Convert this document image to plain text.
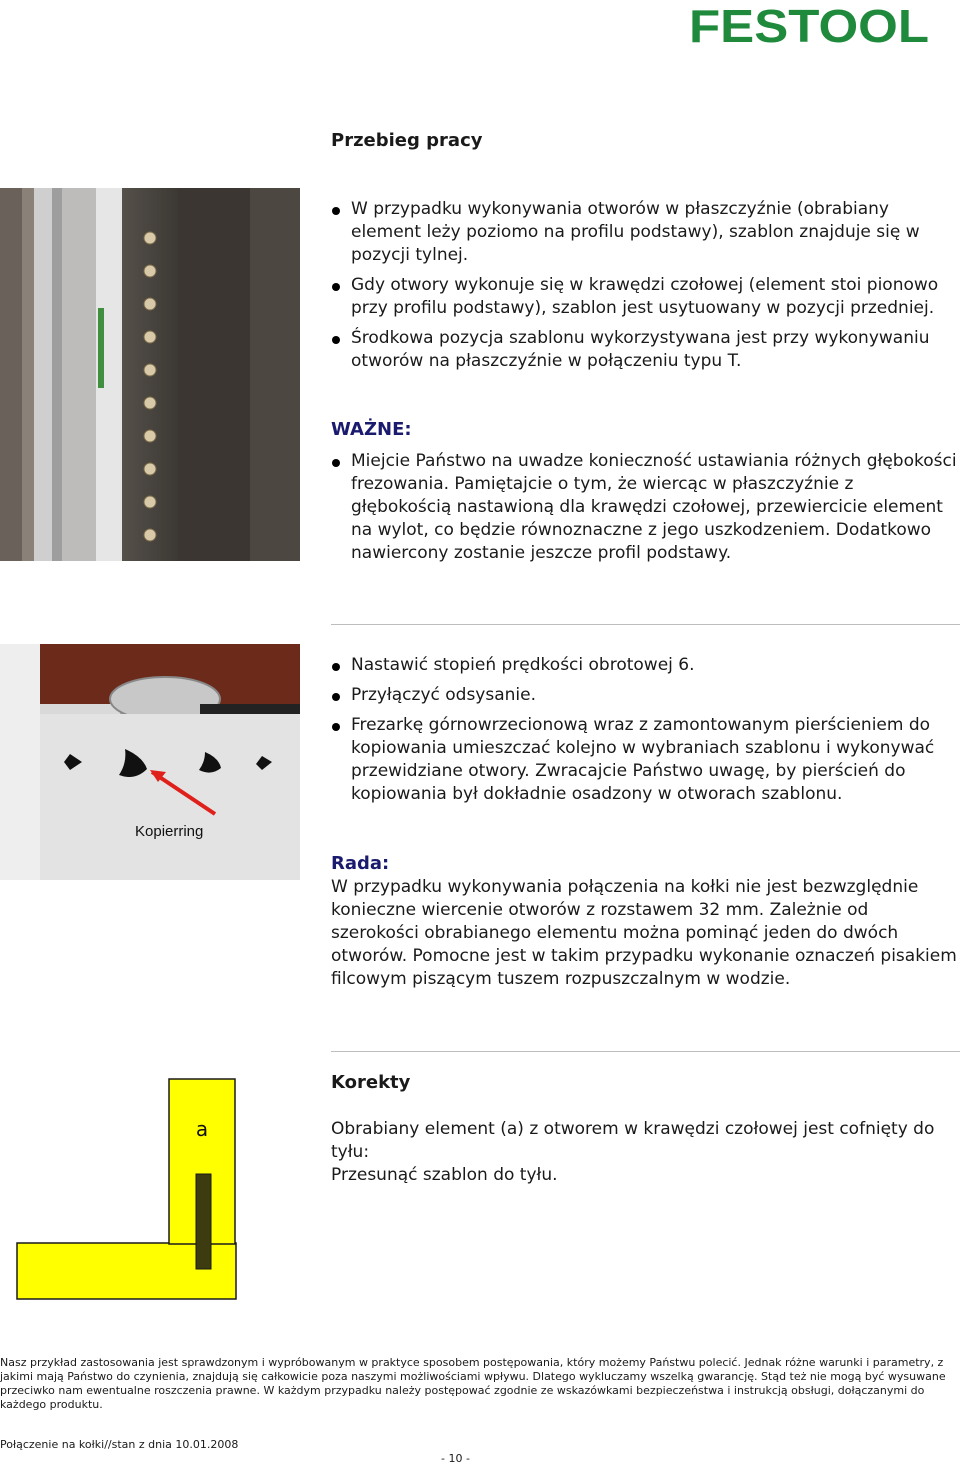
FESTOOL
Przebieg pracy
W przypadku wykonywania otworów w płaszczyźnie (obrabiany element leży poziomo na profilu podstawy), szablon znajduje się w pozycji tylnej.
Gdy otwory wykonuje się w krawędzi czołowej (element stoi pionowo przy profilu podstawy), szablon jest usytuowany w pozycji przedniej.
Środkowa pozycja szablonu wykorzystywana jest przy wykonywaniu otworów na płaszczyźnie w połączeniu typu T.
WAŻNE:
Miejcie Państwo na uwadze konieczność ustawiania różnych głębokości frezowania. Pamiętajcie o tym, że wiercąc w płaszczyźnie z głębokością nastawioną dla krawędzi czołowej, przewiercicie element na wylot, co będzie równoznaczne z jego uszkodzeniem. Dodatkowo nawiercony zostanie jeszcze profil podstawy.
Kopierring
Nastawić stopień prędkości obrotowej 6.
Przyłączyć odsysanie.
Frezarkę górnowrzecionową wraz z zamontowanym pierścieniem do kopiowania umieszczać kolejno w wybraniach szablonu i wykonywać przewidziane otwory. Zwracajcie Państwo uwagę, by pierścień do kopiowania był dokładnie osadzony w otworach szablonu.
Rada:
W przypadku wykonywania połączenia na kołki nie jest bezwzględnie konieczne wiercenie otworów z rozstawem 32 mm. Zależnie od szerokości obrabianego elementu można pominąć jeden do dwóch otworów. Pomocne jest w takim przypadku wykonanie oznaczeń pisakiem filcowym piszącym tuszem rozpuszczalnym w wodzie.
Korekty
a	Obrabiany element (a) z otworem w krawędzi czołowej jest cofnięty do tyłu:
Przesunąć szablon do tyłu.
Nasz przykład zastosowania jest sprawdzonym i wypróbowanym w praktyce sposobem postępowania, który możemy Państwu polecić. Jednak różne warunki i parametry, z jakimi mają Państwo do czynienia, znajdują się całkowicie poza naszymi możliwościami wpływu. Dlatego wykluczamy wszelką gwarancję. Stąd też nie mogą być wysuwane przeciwko nam ewentualne roszczenia prawne. W każdym przypadku należy postępować zgodnie ze wskazówkami bezpieczeństwa i instrukcją obsługi, dołączanymi do każdego produktu.
Połączenie na kołki//stan z dnia 10.01.2008
- 10 -
